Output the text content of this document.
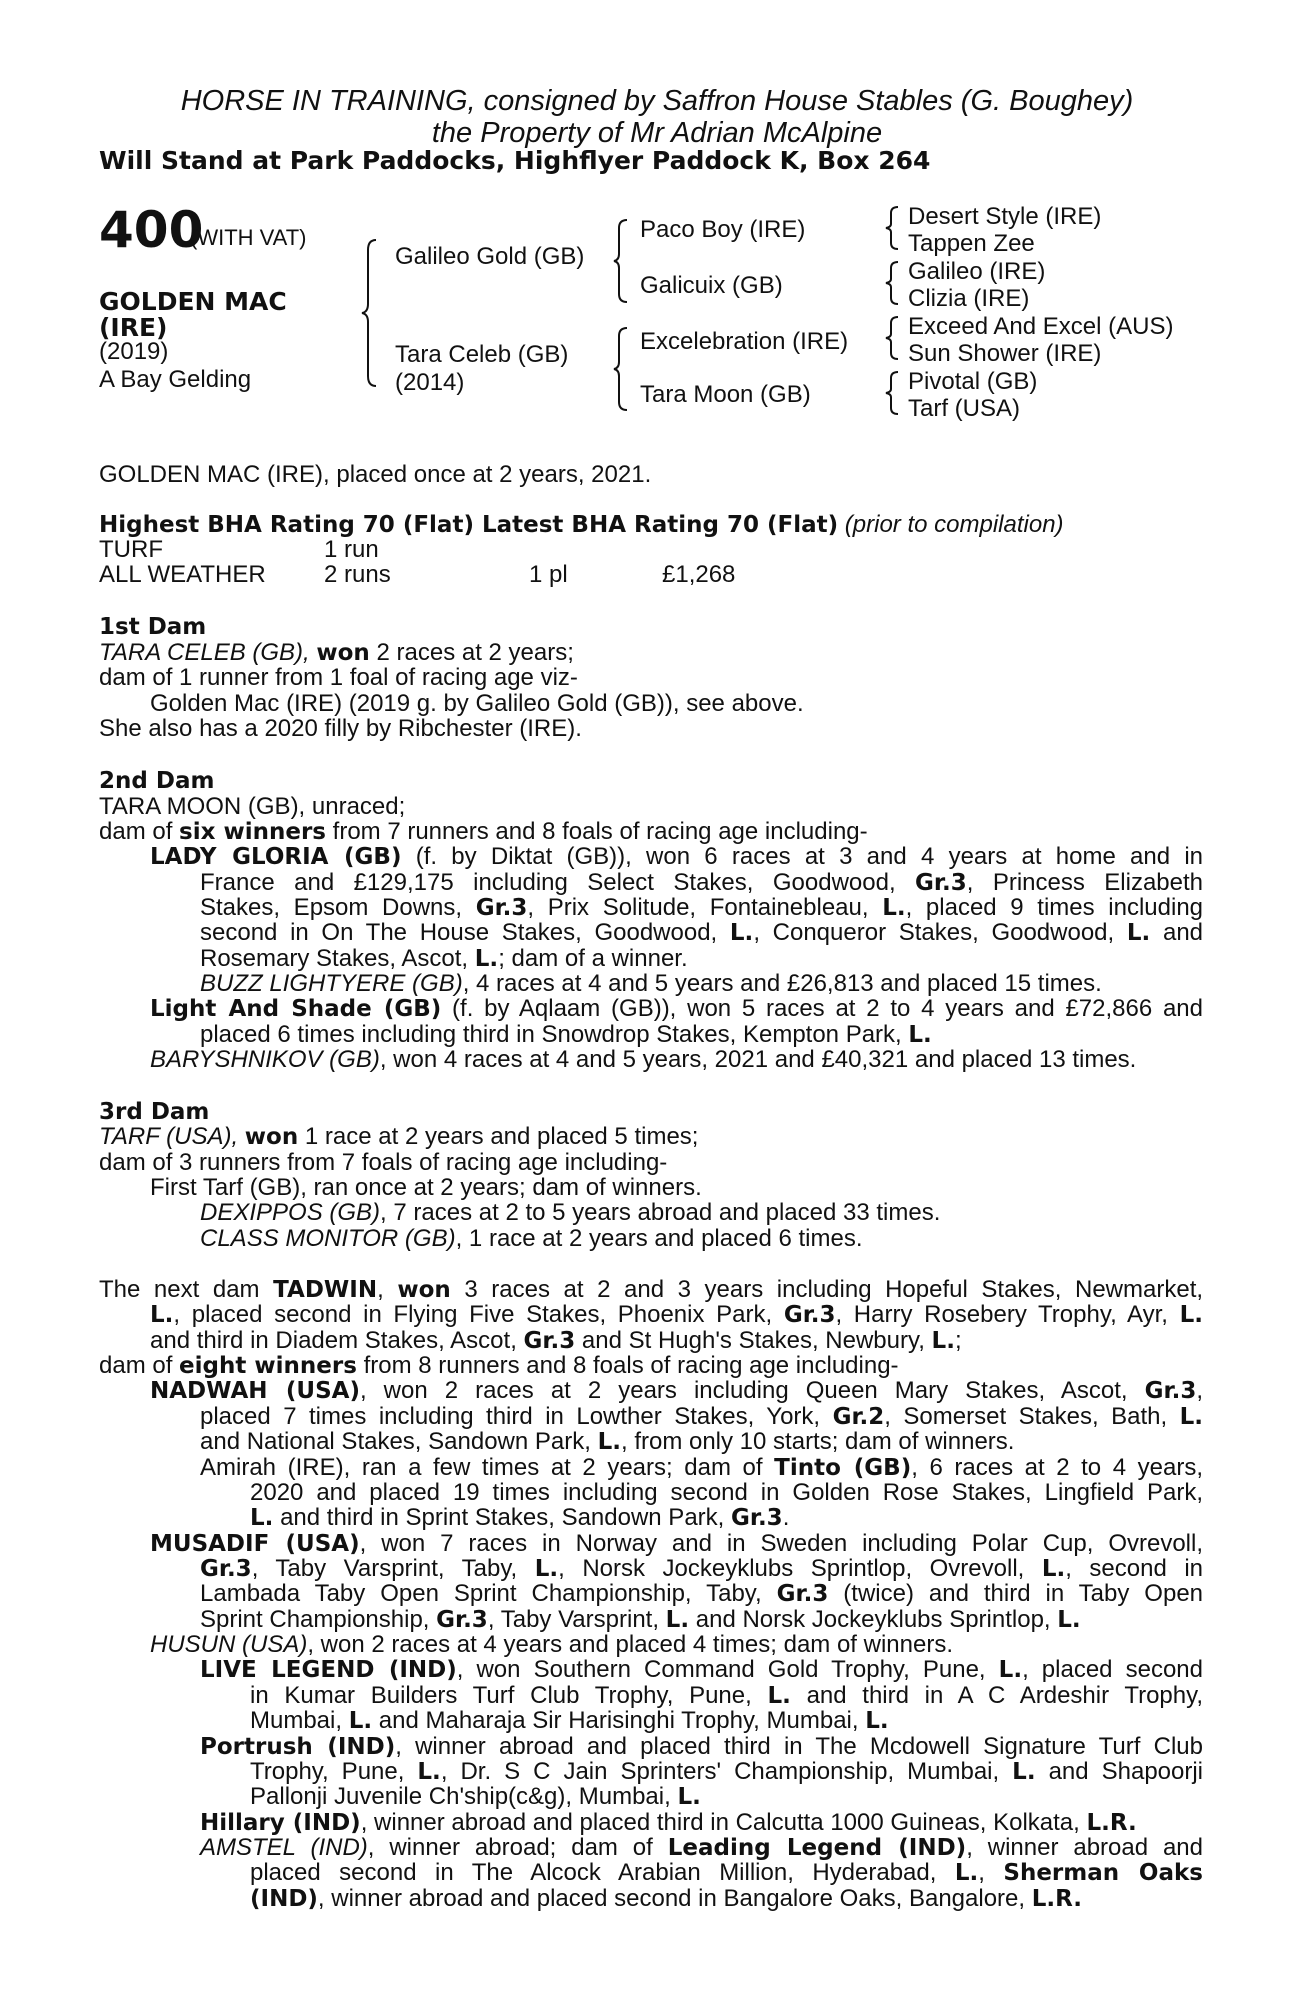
HORSE IN TRAINING, consigned by Saffron House Stables (G. Boughey)
the Property of Mr Adrian McAlpine
Will Stand at Park Paddocks, Highflyer Paddock K, Box 264
400
(WITH VAT)
GOLDEN MAC
(IRE)
(2019)
A Bay Gelding
Galileo Gold (GB)
Tara Celeb (GB)
(2014)
Paco Boy (IRE)
Galicuix (GB)
Excelebration (IRE)
Tara Moon (GB)
Desert Style (IRE)
Tappen Zee
Galileo (IRE)
Clizia (IRE)
Exceed And Excel (AUS)
Sun Shower (IRE)
Pivotal (GB)
Tarf (USA)
GOLDEN MAC (IRE), placed once at 2 years, 2021.
Highest BHA Rating 70 (Flat) Latest BHA Rating 70 (Flat) (prior to compilation)
TURF	1 run
ALL WEATHER 2 runs	1 pl	£1,268
1st Dam
TARA CELEB (GB), won 2 races at 2 years;
dam of 1 runner from 1 foal of racing age viz-
Golden Mac (IRE) (2019 g. by Galileo Gold (GB)), see above.
She also has a 2020 filly by Ribchester (IRE).
2nd Dam
TARA MOON (GB), unraced;
dam of six winners from 7 runners and 8 foals of racing age including-
LADY GLORIA (GB) (f. by Diktat (GB)), won 6 races at 3 and 4 years at home and in
France and £129,175 including Select Stakes, Goodwood, Gr.3, Princess Elizabeth
Stakes, Epsom Downs, Gr.3, Prix Solitude, Fontainebleau, L., placed 9 times including
second in On The House Stakes, Goodwood, L., Conqueror Stakes, Goodwood, L. and
Rosemary Stakes, Ascot, L.; dam of a winner.
BUZZ LIGHTYERE (GB), 4 races at 4 and 5 years and £26,813 and placed 15 times.
Light And Shade (GB) (f. by Aqlaam (GB)), won 5 races at 2 to 4 years and £72,866 and
placed 6 times including third in Snowdrop Stakes, Kempton Park, L.
BARYSHNIKOV (GB), won 4 races at 4 and 5 years, 2021 and £40,321 and placed 13 times.
3rd Dam
TARF (USA), won 1 race at 2 years and placed 5 times;
dam of 3 runners from 7 foals of racing age including-
First Tarf (GB), ran once at 2 years; dam of winners.
DEXIPPOS (GB), 7 races at 2 to 5 years abroad and placed 33 times.
CLASS MONITOR (GB), 1 race at 2 years and placed 6 times.
The next dam TADWIN, won 3 races at 2 and 3 years including Hopeful Stakes, Newmarket,
L., placed second in Flying Five Stakes, Phoenix Park, Gr.3, Harry Rosebery Trophy, Ayr, L.
and third in Diadem Stakes, Ascot, Gr.3 and St Hugh's Stakes, Newbury, L.;
dam of eight winners from 8 runners and 8 foals of racing age including-
NADWAH (USA), won 2 races at 2 years including Queen Mary Stakes, Ascot, Gr.3,
placed 7 times including third in Lowther Stakes, York, Gr.2, Somerset Stakes, Bath, L.
and National Stakes, Sandown Park, L., from only 10 starts; dam of winners.
Amirah (IRE), ran a few times at 2 years; dam of Tinto (GB), 6 races at 2 to 4 years,
2020 and placed 19 times including second in Golden Rose Stakes, Lingfield Park,
L. and third in Sprint Stakes, Sandown Park, Gr.3.
MUSADIF (USA), won 7 races in Norway and in Sweden including Polar Cup, Ovrevoll,
Gr.3, Taby Varsprint, Taby, L., Norsk Jockeyklubs Sprintlop, Ovrevoll, L., second in
Lambada Taby Open Sprint Championship, Taby, Gr.3 (twice) and third in Taby Open
Sprint Championship, Gr.3, Taby Varsprint, L. and Norsk Jockeyklubs Sprintlop, L.
HUSUN (USA), won 2 races at 4 years and placed 4 times; dam of winners.
LIVE LEGEND (IND), won Southern Command Gold Trophy, Pune, L., placed second
in Kumar Builders Turf Club Trophy, Pune, L. and third in A C Ardeshir Trophy,
Mumbai, L. and Maharaja Sir Harisinghi Trophy, Mumbai, L.
Portrush (IND), winner abroad and placed third in The Mcdowell Signature Turf Club
Trophy, Pune, L., Dr. S C Jain Sprinters' Championship, Mumbai, L. and Shapoorji
Pallonji Juvenile Ch'ship(c&g), Mumbai, L.
Hillary (IND), winner abroad and placed third in Calcutta 1000 Guineas, Kolkata, L.R.
AMSTEL (IND), winner abroad; dam of Leading Legend (IND), winner abroad and
placed second in The Alcock Arabian Million, Hyderabad, L., Sherman Oaks
(IND), winner abroad and placed second in Bangalore Oaks, Bangalore, L.R.
